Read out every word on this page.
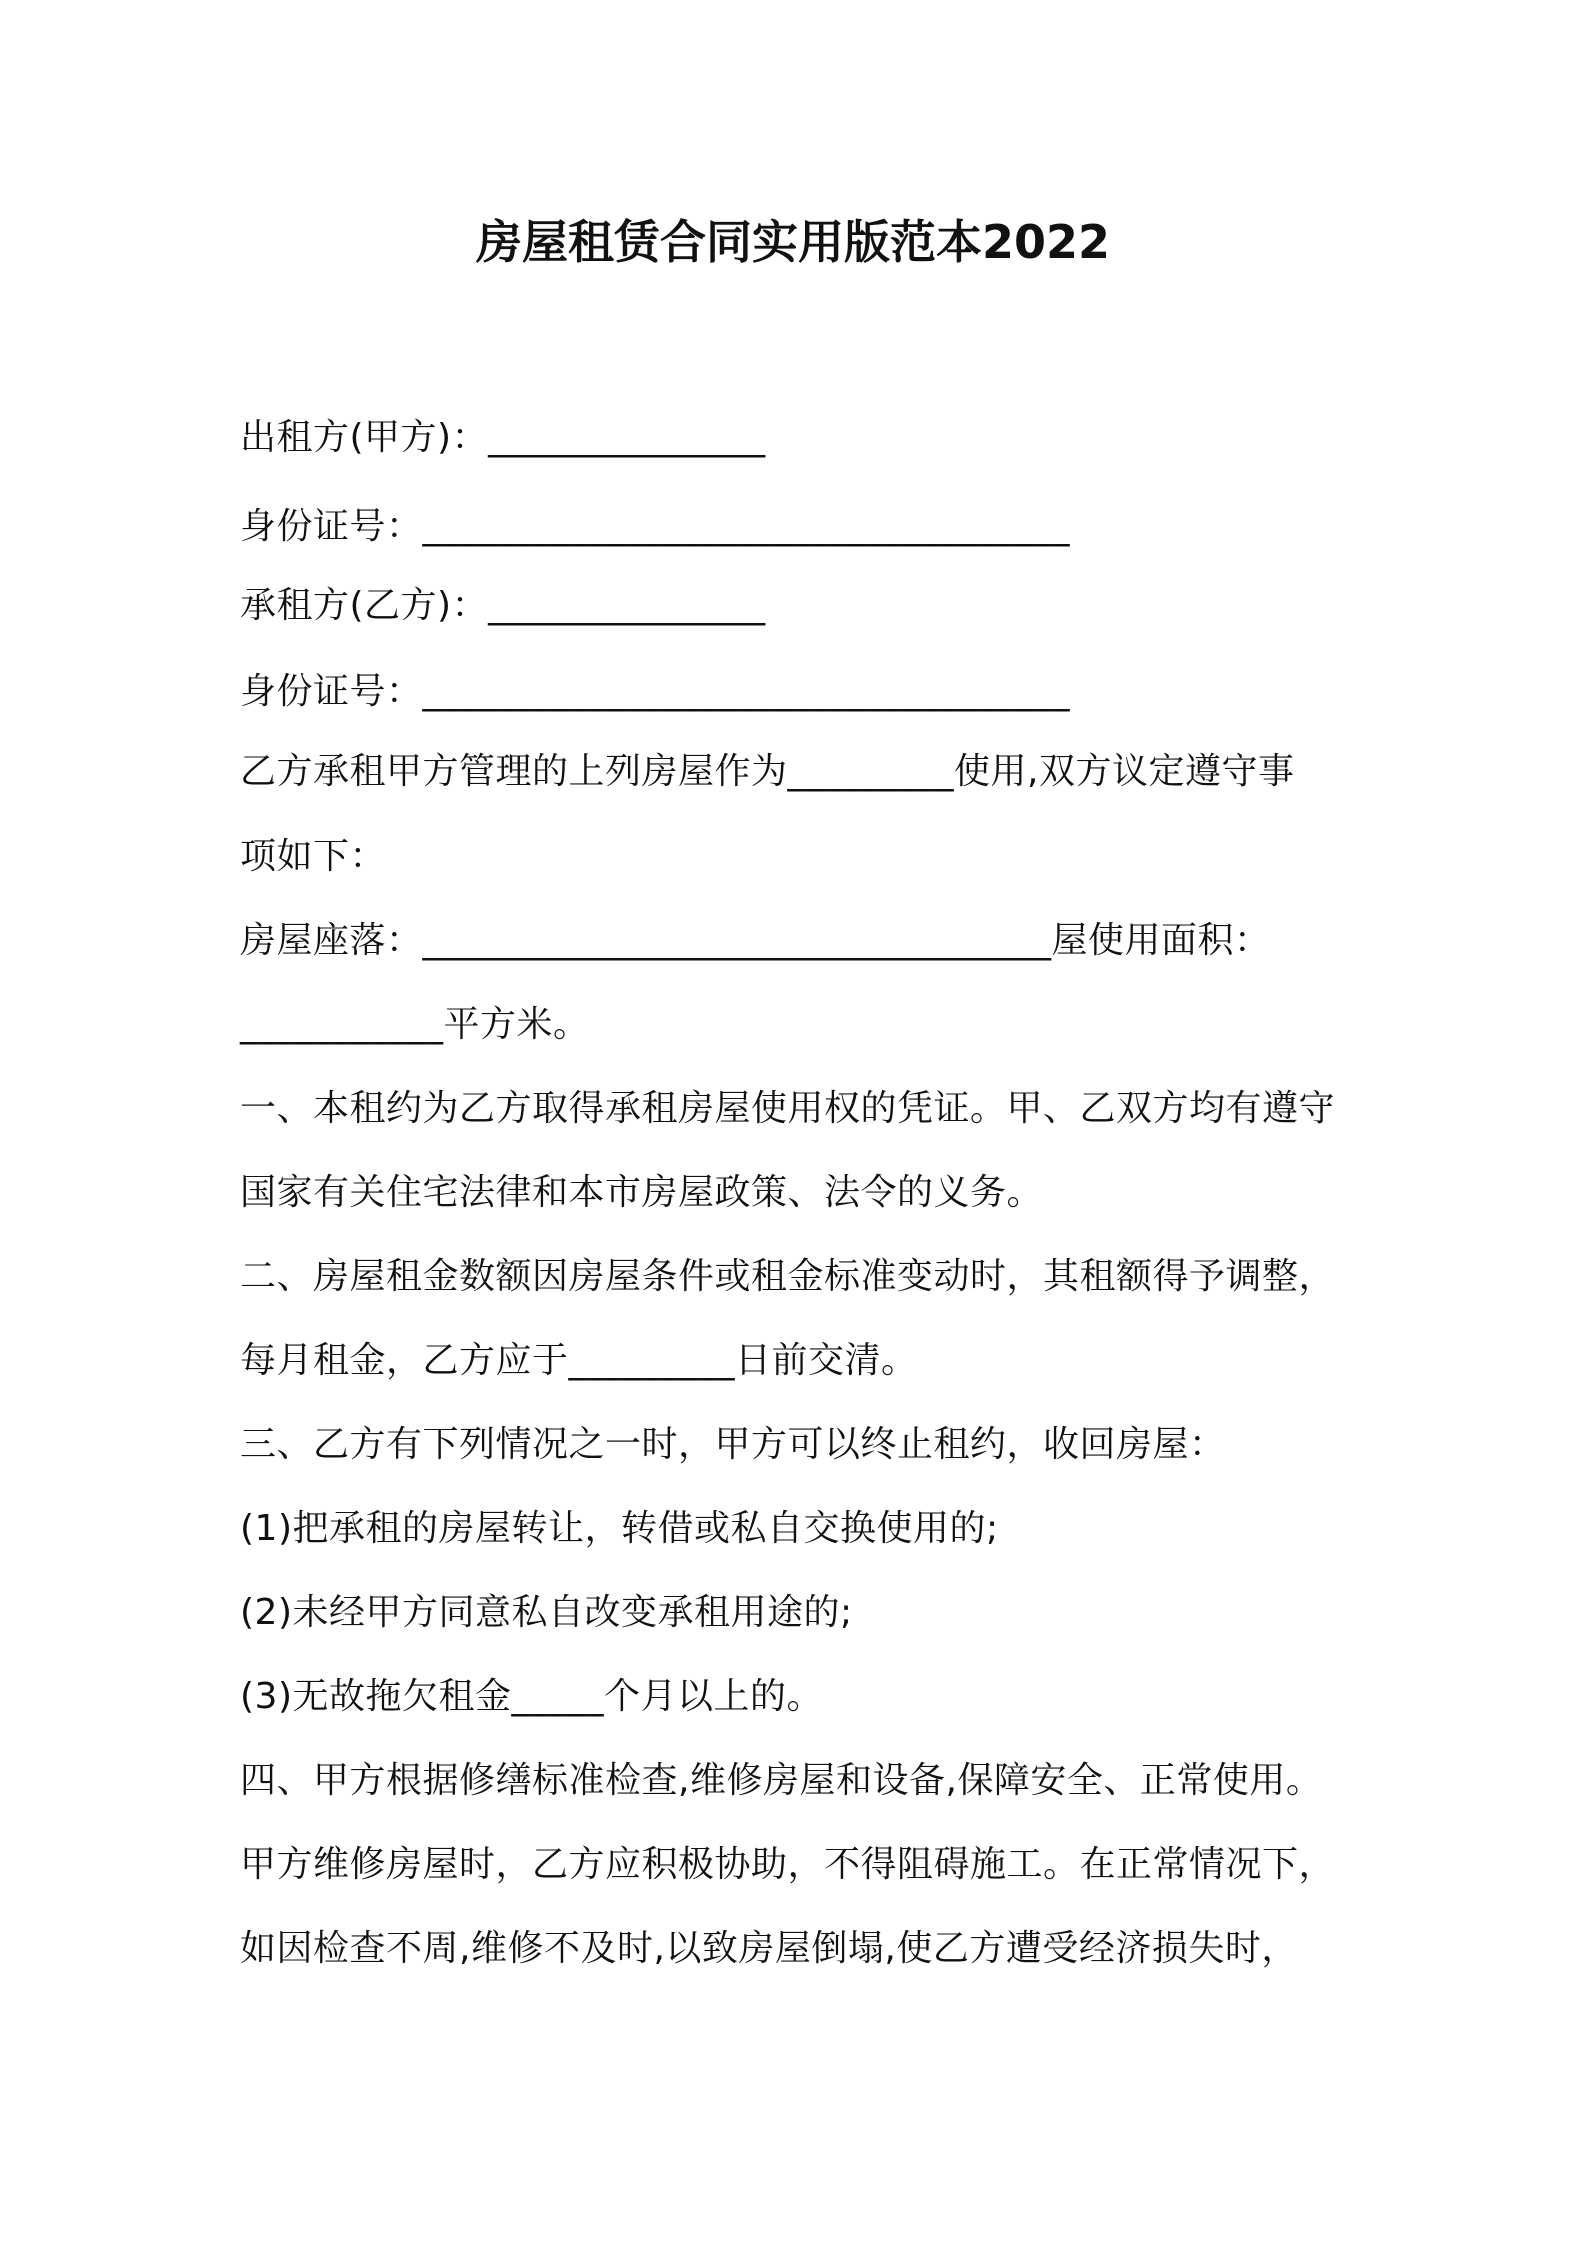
房屋租赁合同实用版范本2022
出租方(甲方)：_______________
身份证号：___________________________________
承租方(乙方)：_______________
身份证号：___________________________________
乙方承租甲方管理的上列房屋作为_________使用,双方议定遵守事
项如下：
房屋座落：__________________________________屋使用面积：
___________平方米。
一、本租约为乙方取得承租房屋使用权的凭证。甲、乙双方均有遵守
国家有关住宅法律和本市房屋政策、法令的义务。
二、房屋租金数额因房屋条件或租金标准变动时，其租额得予调整，
每月租金，乙方应于_________日前交清。
三、乙方有下列情况之一时，甲方可以终止租约，收回房屋：
(1)把承租的房屋转让，转借或私自交换使用的;
(2)未经甲方同意私自改变承租用途的;
(3)无故拖欠租金_____个月以上的。
四、甲方根据修缮标准检查,维修房屋和设备,保障安全、正常使用。
甲方维修房屋时，乙方应积极协助，不得阻碍施工。在正常情况下，
如因检查不周,维修不及时,以致房屋倒塌,使乙方遭受经济损失时，
